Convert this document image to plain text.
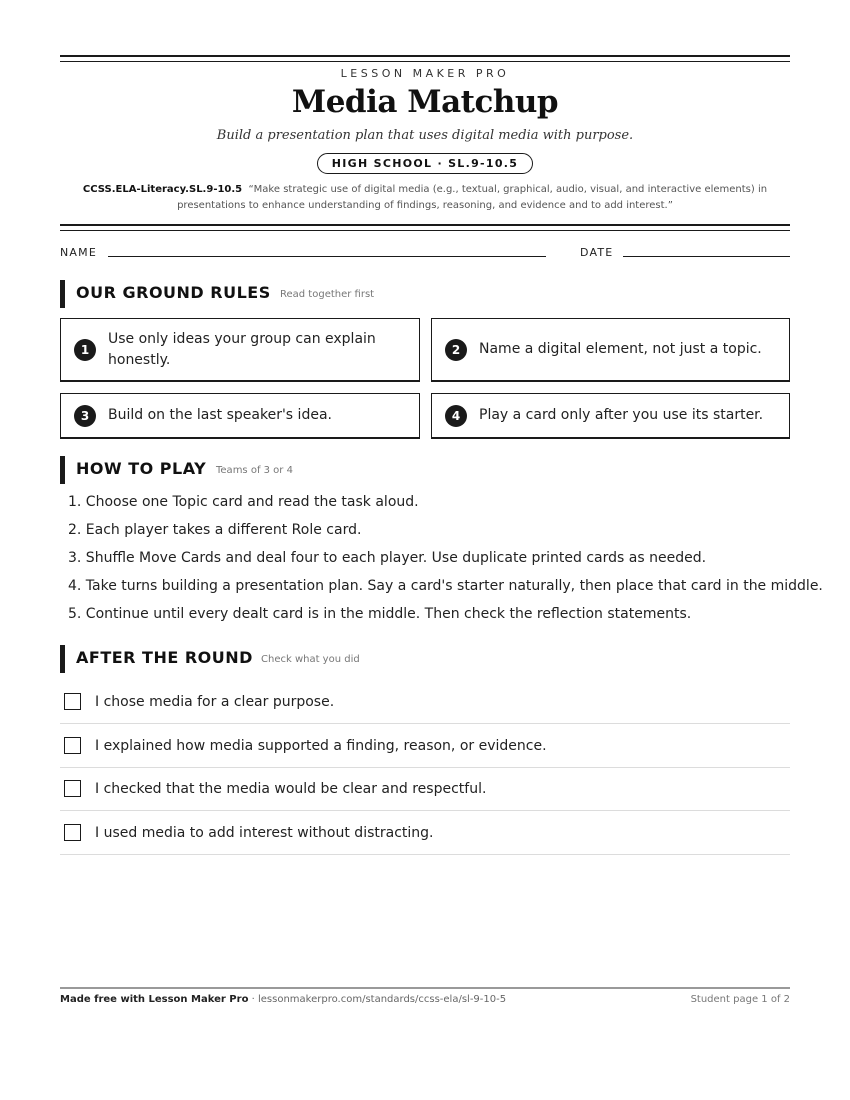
LESSON MAKER PRO
Media Matchup
Build a presentation plan that uses digital media with purpose.
HIGH SCHOOL · SL.9-10.5
CCSS.ELA-Literacy.SL.9-10.5 “Make strategic use of digital media (e.g., textual, graphical, audio, visual, and interactive elements) in presentations to enhance understanding of findings, reasoning, and evidence and to add interest.”
NAME	DATE
OUR GROUND RULES Read together first
1
Use only ideas your group can explain honestly.
2	Name a digital element, not just a topic.
3	Build on the last speaker's idea.	4	Play a card only after you use its starter.
HOW TO PLAY Teams of 3 or 4
1. Choose one Topic card and read the task aloud.
2. Each player takes a different Role card.
3. Shuffle Move Cards and deal four to each player. Use duplicate printed cards as needed.
4. Take turns building a presentation plan. Say a card's starter naturally, then place that card in the middle.
5. Continue until every dealt card is in the middle. Then check the reflection statements.
AFTER THE ROUND Check what you did
I chose media for a clear purpose.
I explained how media supported a finding, reason, or evidence.
I checked that the media would be clear and respectful.
I used media to add interest without distracting.
Made free with Lesson Maker Pro · lessonmakerpro.com/standards/ccss-ela/sl-9-10-5	Student page 1 of 2
